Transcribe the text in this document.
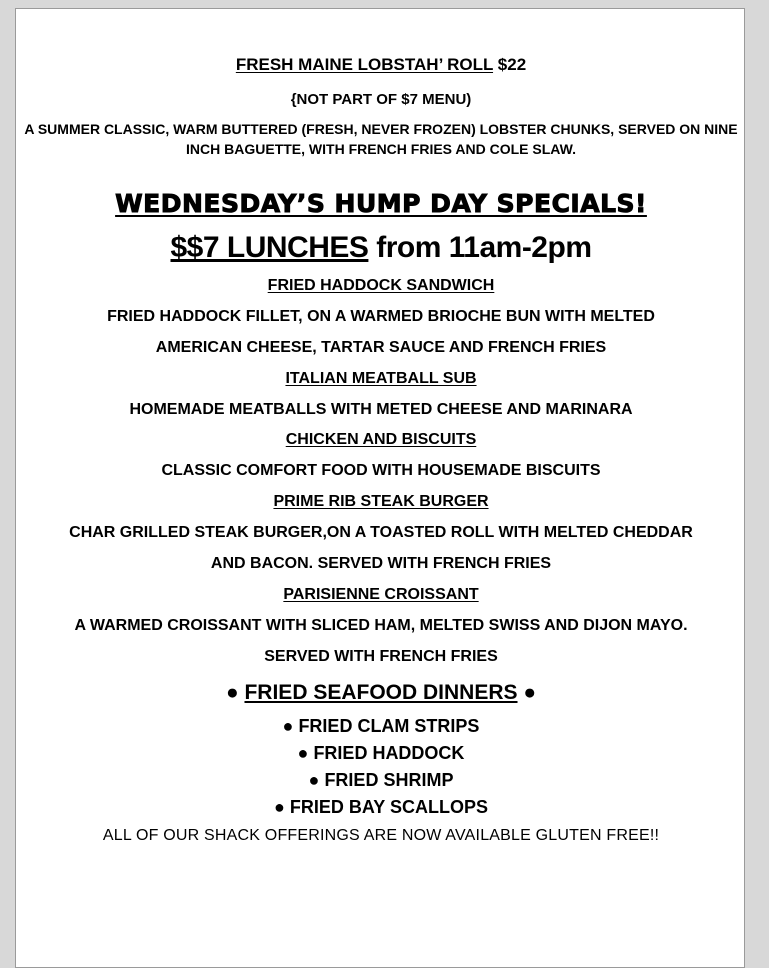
FRESH MAINE LOBSTAH’ ROLL $22
{NOT PART OF $7 MENU)
A SUMMER CLASSIC, WARM BUTTERED (FRESH, NEVER FROZEN) LOBSTER CHUNKS, SERVED ON NINE
INCH BAGUETTE, WITH FRENCH FRIES AND COLE SLAW.
WEDNESDAY’S HUMP DAY SPECIALS!
$$7 LUNCHES from 11am-2pm
FRIED HADDOCK SANDWICH
FRIED HADDOCK FILLET, ON A WARMED BRIOCHE BUN WITH MELTED
AMERICAN CHEESE, TARTAR SAUCE AND FRENCH FRIES
ITALIAN MEATBALL SUB
HOMEMADE MEATBALLS WITH METED CHEESE AND MARINARA
CHICKEN AND BISCUITS
CLASSIC COMFORT FOOD WITH HOUSEMADE BISCUITS
PRIME RIB STEAK BURGER
CHAR GRILLED STEAK BURGER,ON A TOASTED ROLL WITH MELTED CHEDDAR
AND BACON. SERVED WITH FRENCH FRIES
PARISIENNE CROISSANT
A WARMED CROISSANT WITH SLICED HAM, MELTED SWISS AND DIJON MAYO.
SERVED WITH FRENCH FRIES
● FRIED SEAFOOD DINNERS ●
● FRIED CLAM STRIPS
● FRIED HADDOCK
● FRIED SHRIMP
● FRIED BAY SCALLOPS
ALL OF OUR SHACK OFFERINGS ARE NOW AVAILABLE GLUTEN FREE!!
